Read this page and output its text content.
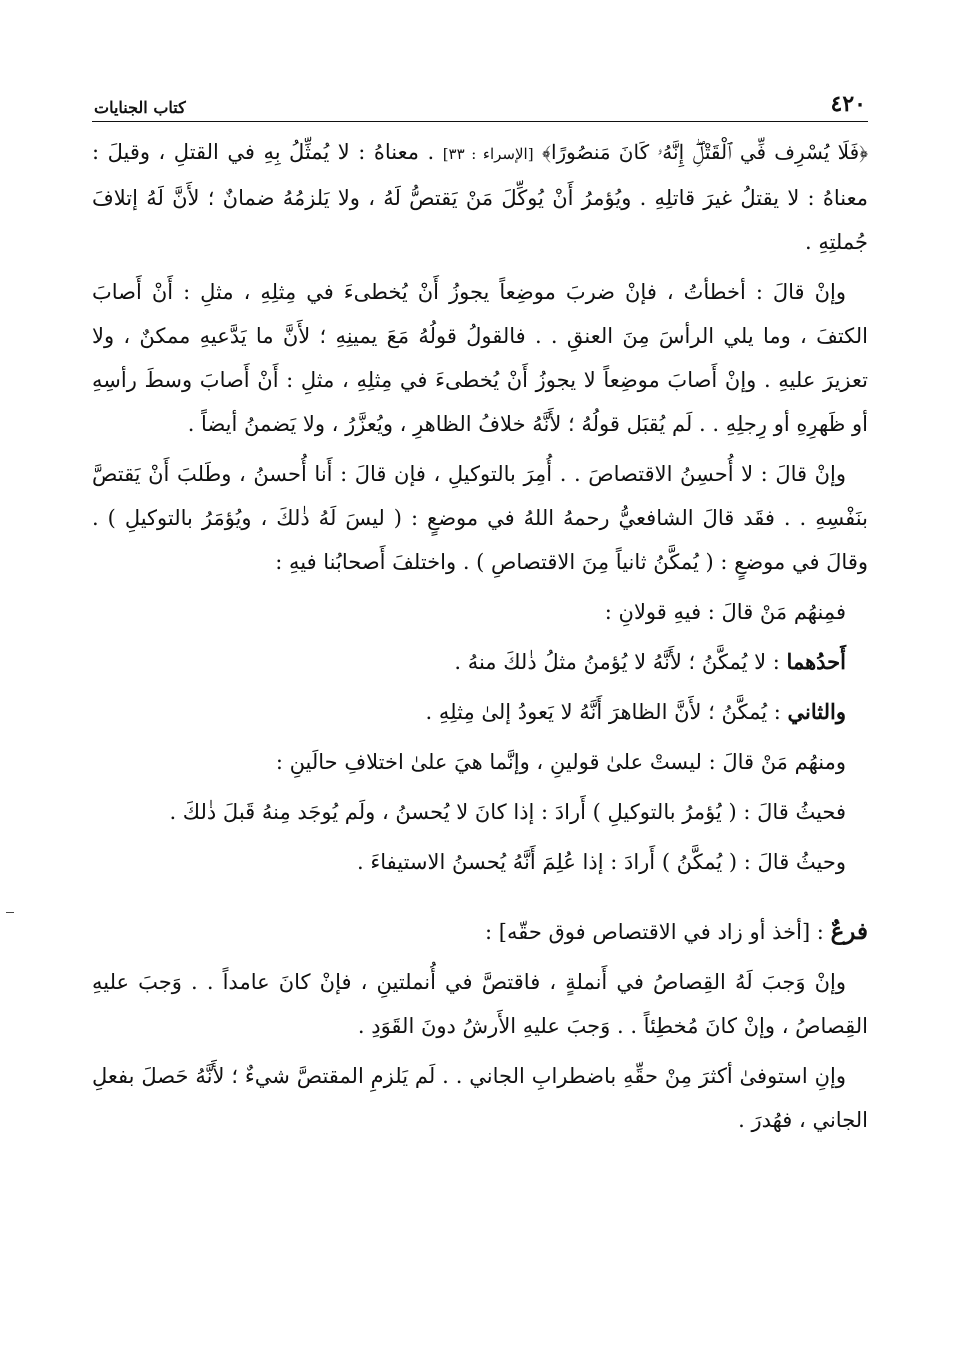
٤٢٠
كتاب الجنايات

﴿فَلَا يُسْرِف فِّي ٱلْقَتْلِۖ إِنَّهُۥ كَانَ مَنصُورًا﴾ [الإسراء : ٣٣] . معناهُ : لا يُمثِّلُ بِهِ في القتلِ ، وقيلَ : معناهُ : لا يقتلُ غيرَ قاتلِهِ . ويُؤمرُ أَنْ يُوكِّلَ مَنْ يَقتصُّ لَهُ ، ولا يَلزمُهُ ضمانٌ ؛ لأَنَّ لَهُ إتلافَ جُملتِهِ .

وإنْ قالَ : أخطأتُ ، فإنْ ضربَ موضِعاً يجوزُ أَنْ يُخطىءَ في مِثلِهِ ، مثلِ : أَنْ أَصابَ الكتفَ ، وما يلي الرأسَ مِنَ العنقِ . . فالقولُ قولُهُ مَعَ يمينِهِ ؛ لأَنَّ ما يَدَّعيهِ ممكنٌ ، ولا تعزيرَ عليهِ . وإنْ أَصابَ موضِعاً لا يجوزُ أَنْ يُخطىءَ في مِثلِهِ ، مثلِ : أَنْ أَصابَ وسطَ رأسِهِ أو ظَهرِهِ أو رِجلِهِ . . لَم يُقبَل قولُهُ ؛ لأَنَّهُ خلافُ الظاهرِ ، ويُعزَّرُ ، ولا يَضمنُ أيضاً .

وإنْ قالَ : لا أُحسِنُ الاقتصاصَ . . أُمِرَ بالتوكيلِ ، فإن قالَ : أَنا أُحسنُ ، وطَلبَ أَنْ يَقتصَّ بنَفْسِهِ . . فقَد قالَ الشافعيُّ رحمهُ اللهُ في موضعٍ : ( ليسَ لَهُ ذٰلكَ ، ويُؤمَرُ بالتوكيلِ ) . وقالَ في موضعٍ : ( يُمكَّنُ ثانياً مِنَ الاقتصاصِ ) . واختلفَ أَصحابُنا فيهِ :

فمِنهُم مَنْ قالَ : فيهِ قولانِ :

أَحدُهما : لا يُمكَّنُ ؛ لأَنَّهُ لا يُؤمنُ مثلُ ذٰلكَ منهُ .

والثاني : يُمكَّنُ ؛ لأَنَّ الظاهرَ أَنَّهُ لا يَعودُ إلىٰ مِثلِهِ .

ومنهُم مَنْ قالَ : ليستْ علىٰ قولينِ ، وإنَّما هيَ علىٰ اختلافِ حالَينِ :

فحيثُ قالَ : ( يُؤمرُ بالتوكيلِ ) أَرادَ : إذا كانَ لا يُحسنُ ، ولَم يُوجَد مِنهُ قَبلَ ذٰلكَ .

وحيثُ قالَ : ( يُمكَّنُ ) أَرادَ : إذا عُلِمَ أَنَّهُ يُحسنُ الاستيفاءَ .

فرعٌ : [أخذ أو زاد في الاقتصاص فوق حقّه] :

وإنْ وَجبَ لَهُ القِصاصُ في أَنملةٍ ، فاقتصَّ في أُنملتينِ ، فإنْ كانَ عامداً . . وَجبَ عليهِ القِصاصُ ، وإنْ كانَ مُخطِئاً . . وَجبَ عليهِ الأَرشُ دونَ القَوَدِ .

وإنِ استوفىٰ أكثرَ مِنْ حقِّهِ باضطرابِ الجاني . . لَم يَلزمِ المقتصَّ شيءٌ ؛ لأَنَّهُ حَصلَ بفعلِ الجاني ، فهُدرَ .
